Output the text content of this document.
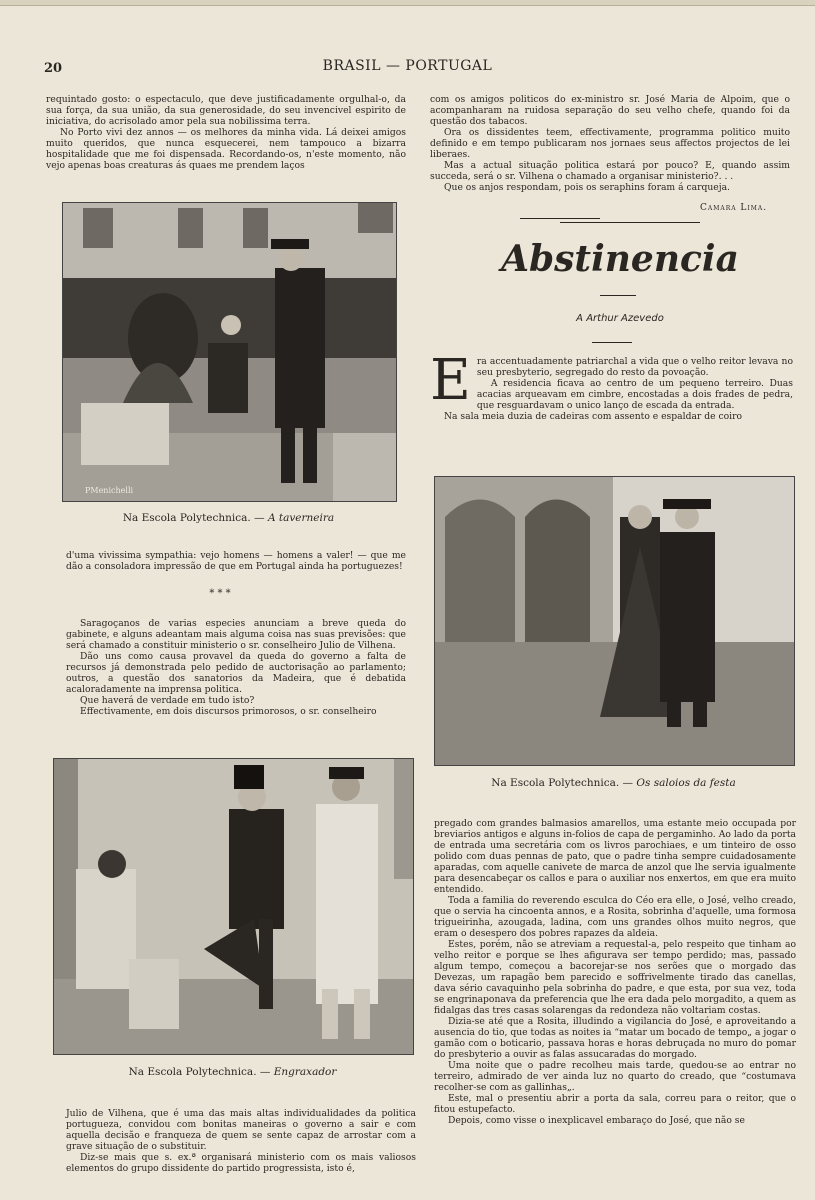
20	BRASIL — PORTUGAL

requintado gosto: o espectaculo, que deve justificadamente orgulhal-o, da sua força, da sua união, da sua generosidade, do seu invencivel espirito de iniciativa, do acrisolado amor pela sua nobilissima terra.

No Porto vivi dez annos — os melhores da minha vida. Lá deixei amigos muito queridos, que nunca esquecerei, nem tampouco a bizarra hospitalidade que me foi dispensada. Recordando-os, n'este momento, não vejo apenas boas creaturas ás quaes me prendem laços

PMenichelli
Na Escola Polytechnica. — A taverneira

d'uma vivissima sympathia: vejo homens — homens a valer! — que me dão a consoladora impressão de que em Portugal ainda ha portuguezes!

* * *

Saragoçanos de varias especies anunciam a breve queda do gabinete, e alguns adeantam mais alguma coisa nas suas previsões: que será chamado a constituir ministerio o sr. conselheiro Julio de Vilhena.

Dão uns como causa provavel da queda do governo a falta de recursos já demonstrada pelo pedido de auctorisação ao parlamento; outros, a questão dos sanatorios da Madeira, que é debatida acaloradamente na imprensa politica.

Que haverá de verdade em tudo isto?

Effectivamente, em dois discursos primorosos, o sr. conselheiro

Na Escola Polytechnica. — Engraxador

Julio de Vilhena, que é uma das mais altas individualidades da politica portugueza, convidou com bonitas maneiras o governo a sair e com aquella decisão e franqueza de quem se sente capaz de arrostar com a grave situação de o substituir.

Diz-se mais que s. ex.ª organisará ministerio com os mais valiosos elementos do grupo dissidente do partido progressista, isto é,

com os amigos politicos do ex-ministro sr. José Maria de Alpoim, que o acompanharam na ruidosa separação do seu velho chefe, quando foi da questão dos tabacos.

Ora os dissidentes teem, effectivamente, programma politico muito definido e em tempo publicaram nos jornaes seus affectos projectos de lei liberaes.

Mas a actual situação politica estará por pouco? E, quando assim succeda, será o sr. Vilhena o chamado a organisar ministerio?. . .

Que os anjos respondam, pois os seraphins foram á carqueja.

Camara Lima.
Abstinencia
A Arthur Azevedo
E ra accentuadamente patriarchal a vida que o velho reitor levava no seu presbyterio, segregado do resto da povoação.

A residencia ficava ao centro de um pequeno terreiro. Duas acacias arqueavam em cimbre, encostadas a dois frades de pedra, que resguardavam o unico lanço de escada da entrada.

Na sala meia duzia de cadeiras com assento e espaldar de coiro

Na Escola Polytechnica. — Os saloios da festa

pregado com grandes balmasios amarellos, uma estante meio occupada por breviarios antigos e alguns in-folios de capa de pergaminho. Ao lado da porta de entrada uma secretária com os livros parochiaes, e um tinteiro de osso polido com duas pennas de pato, que o padre tinha sempre cuidadosamente aparadas, com aquelle canivete de marca de anzol que lhe servia igualmente para desencabeçar os callos e para o auxiliar nos enxertos, em que era muito entendido.

Toda a familia do reverendo esculca do Céo era elle, o José, velho creado, que o servia ha cincoenta annos, e a Rosita, sobrinha d'aquelle, uma formosa trigueirinha, azougada, ladina, com uns grandes olhos muito negros, que eram o desespero dos pobres rapazes da aldeia.

Estes, porém, não se atreviam a requestal-a, pelo respeito que tinham ao velho reitor e porque se lhes afigurava ser tempo perdido; mas, passado algum tempo, começou a bacorejar-se nos serões que o morgado das Devezas, um rapagão bem parecido e soffrivelmente tirado das canellas, dava sério cavaquinho pela sobrinha do padre, e que esta, por sua vez, toda se engrinaponava da preferencia que lhe era dada pelo morgadito, a quem as fidalgas das tres casas solarengas da redondeza não voltariam costas.

Dizia-se até que a Rosita, illudindo a vigilancia do José, e aproveitando a ausencia do tio, que todas as noites ia “matar um bocado de tempo„ a jogar o gamão com o boticario, passava horas e horas debruçada no muro do pomar do presbyterio a ouvir as falas assucaradas do morgado.

Uma noite que o padre recolheu mais tarde, quedou-se ao entrar no terreiro, admirado de ver ainda luz no quarto do creado, que “costumava recolher-se com as gallinhas„.

Este, mal o presentiu abrir a porta da sala, correu para o reitor, que o fitou estupefacto.

Depois, como visse o inexplicavel embaraço do José, que não se
